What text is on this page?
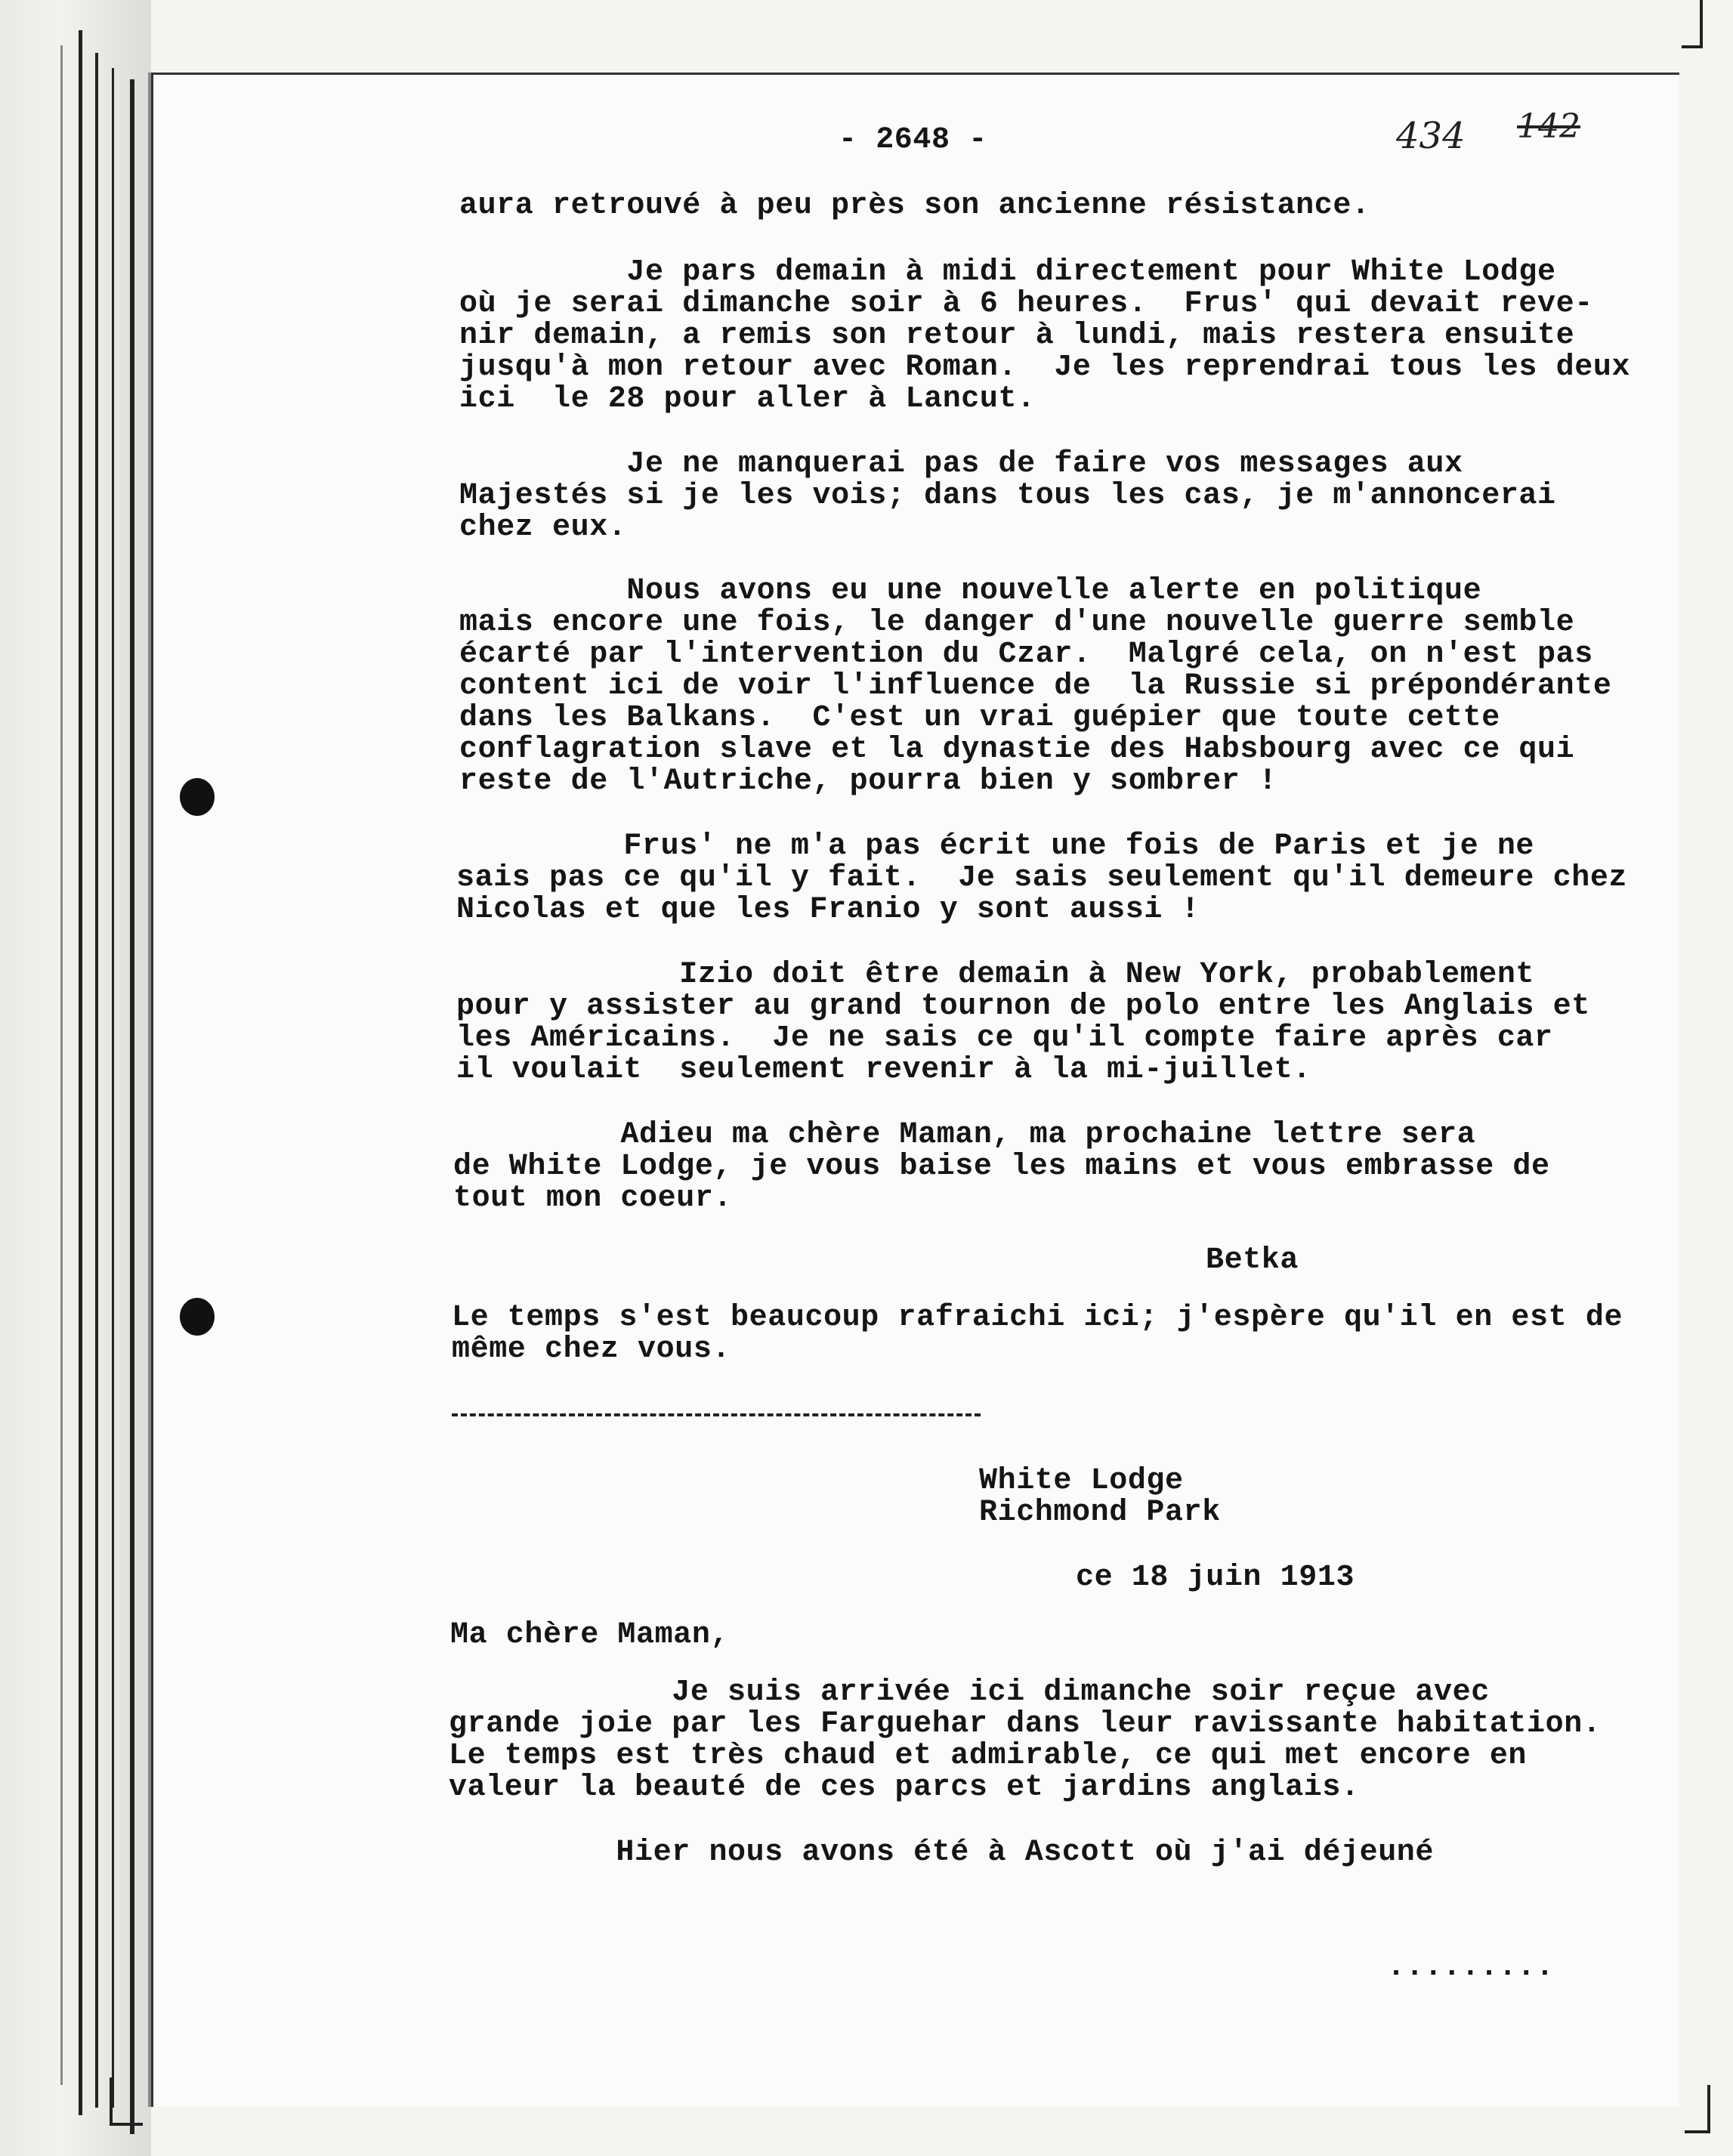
- 2648 -	434 142

aura retrouvé à peu près son ancienne résistance.

Je pars demain à midi directement pour White Lodge

où je serai dimanche soir à 6 heures.  Frus' qui devait reve-

nir demain, a remis son retour à lundi, mais restera ensuite

jusqu'à mon retour avec Roman.  Je les reprendrai tous les deux

ici  le 28 pour aller à Lancut.

Je ne manquerai pas de faire vos messages aux

Majestés si je les vois; dans tous les cas, je m'annoncerai

chez eux.

Nous avons eu une nouvelle alerte en politique

mais encore une fois, le danger d'une nouvelle guerre semble

écarté par l'intervention du Czar.  Malgré cela, on n'est pas

content ici de voir l'influence de  la Russie si prépondérante

dans les Balkans.  C'est un vrai guépier que toute cette

conflagration slave et la dynastie des Habsbourg avec ce qui

reste de l'Autriche, pourra bien y sombrer !

Frus' ne m'a pas écrit une fois de Paris et je ne

sais pas ce qu'il y fait.  Je sais seulement qu'il demeure chez

Nicolas et que les Franio y sont aussi !

Izio doit être demain à New York, probablement

pour y assister au grand tournon de polo entre les Anglais et

les Américains.  Je ne sais ce qu'il compte faire après car

il voulait  seulement revenir à la mi-juillet.

Adieu ma chère Maman, ma prochaine lettre sera

de White Lodge, je vous baise les mains et vous embrasse de

tout mon coeur.

Betka

Le temps s'est beaucoup rafraichi ici; j'espère qu'il en est de

même chez vous.

White Lodge

Richmond Park

ce 18 juin 1913

Ma chère Maman,

Je suis arrivée ici dimanche soir reçue avec

grande joie par les Farguehar dans leur ravissante habitation.

Le temps est très chaud et admirable, ce qui met encore en

valeur la beauté de ces parcs et jardins anglais.

Hier nous avons été à Ascott où j'ai déjeuné

.........
